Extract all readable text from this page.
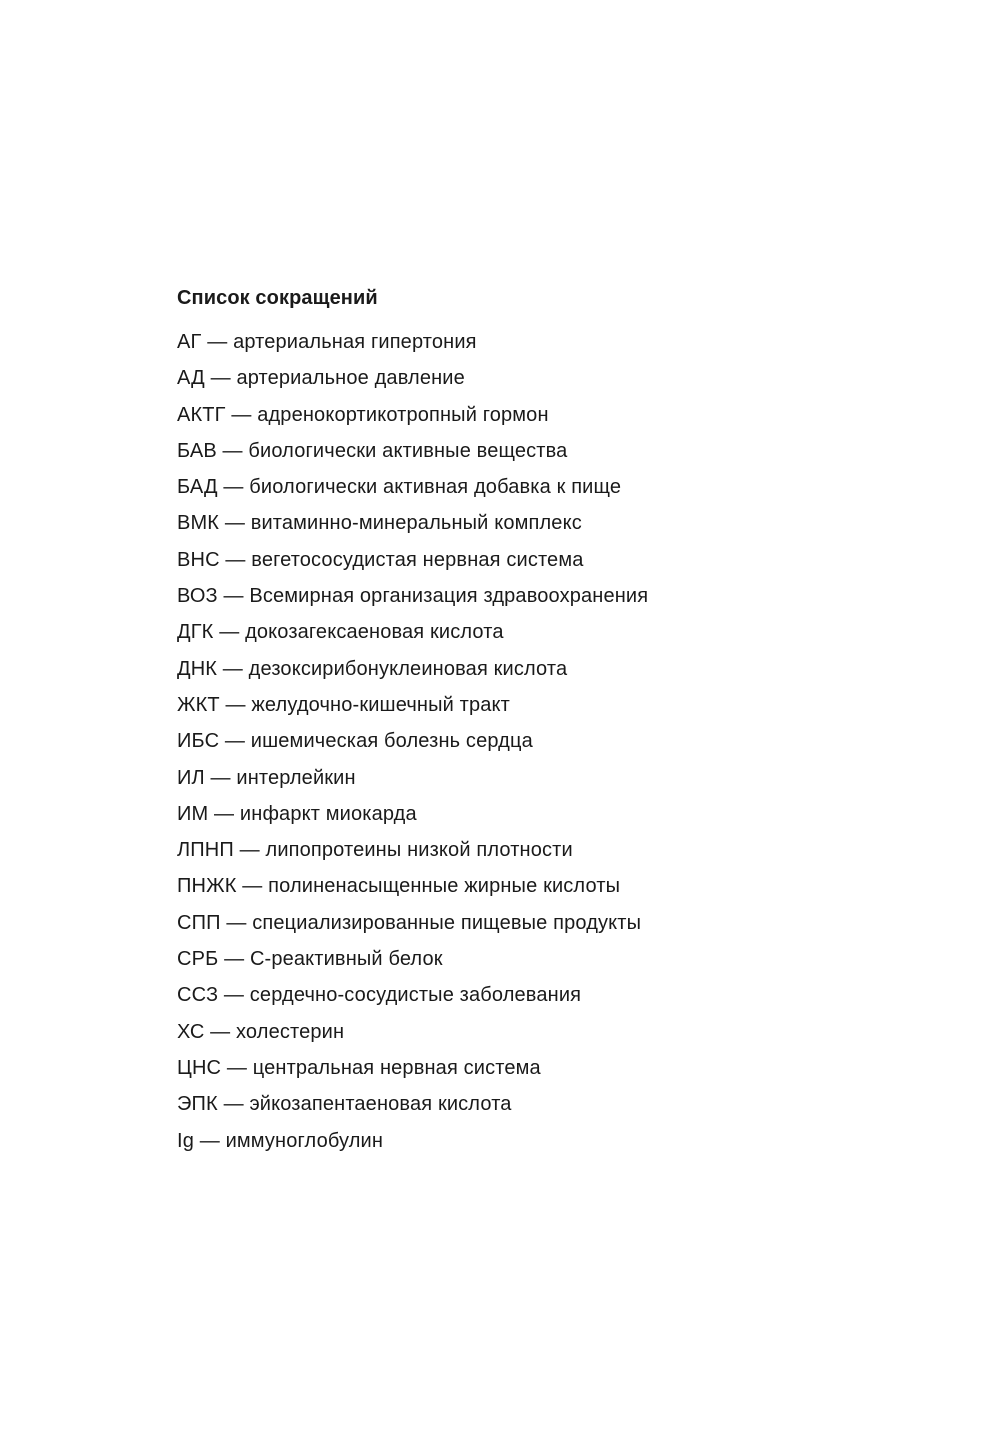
Список сокращений
АГ — артериальная гипертония
АД — артериальное давление
АКТГ — адренокортикотропный гормон
БАВ — биологически активные вещества
БАД — биологически активная добавка к пище
ВМК — витаминно-минеральный комплекс
ВНС — вегетососудистая нервная система
ВОЗ — Всемирная организация здравоохранения
ДГК — докозагексаеновая кислота
ДНК — дезоксирибонуклеиновая кислота
ЖКТ — желудочно-кишечный тракт
ИБС — ишемическая болезнь сердца
ИЛ — интерлейкин
ИМ — инфаркт миокарда
ЛПНП — липопротеины низкой плотности
ПНЖК — полиненасыщенные жирные кислоты
СПП — специализированные пищевые продукты
СРБ — С-реактивный белок
ССЗ — сердечно-сосудистые заболевания
ХС — холестерин
ЦНС — центральная нервная система
ЭПК — эйкозапентаеновая кислота
Ig — иммуноглобулин
